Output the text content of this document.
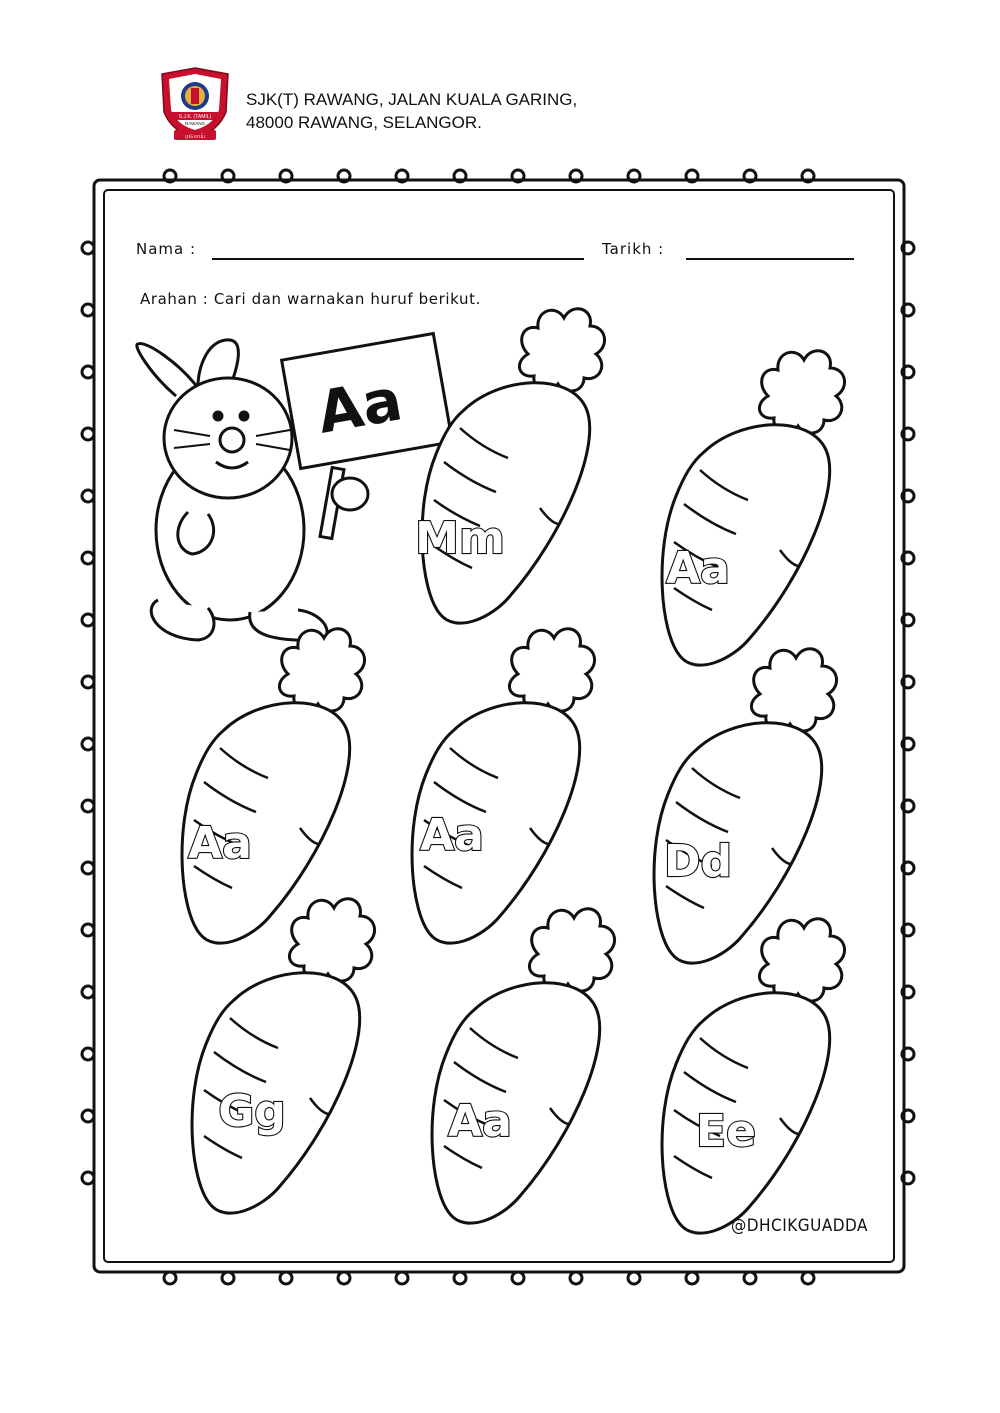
S.J.K. (TAMIL)
RAWANG
ரவாங்
SJK(T) RAWANG, JALAN KUALA GARING,
48000 RAWANG, SELANGOR.
Aa
Mm
Aa
Aa	Aa
Dd
Gg	Aa	Ee
Nama :	Tarikh :
Arahan : Cari dan warnakan huruf berikut.
@DHCIKGUADDA
